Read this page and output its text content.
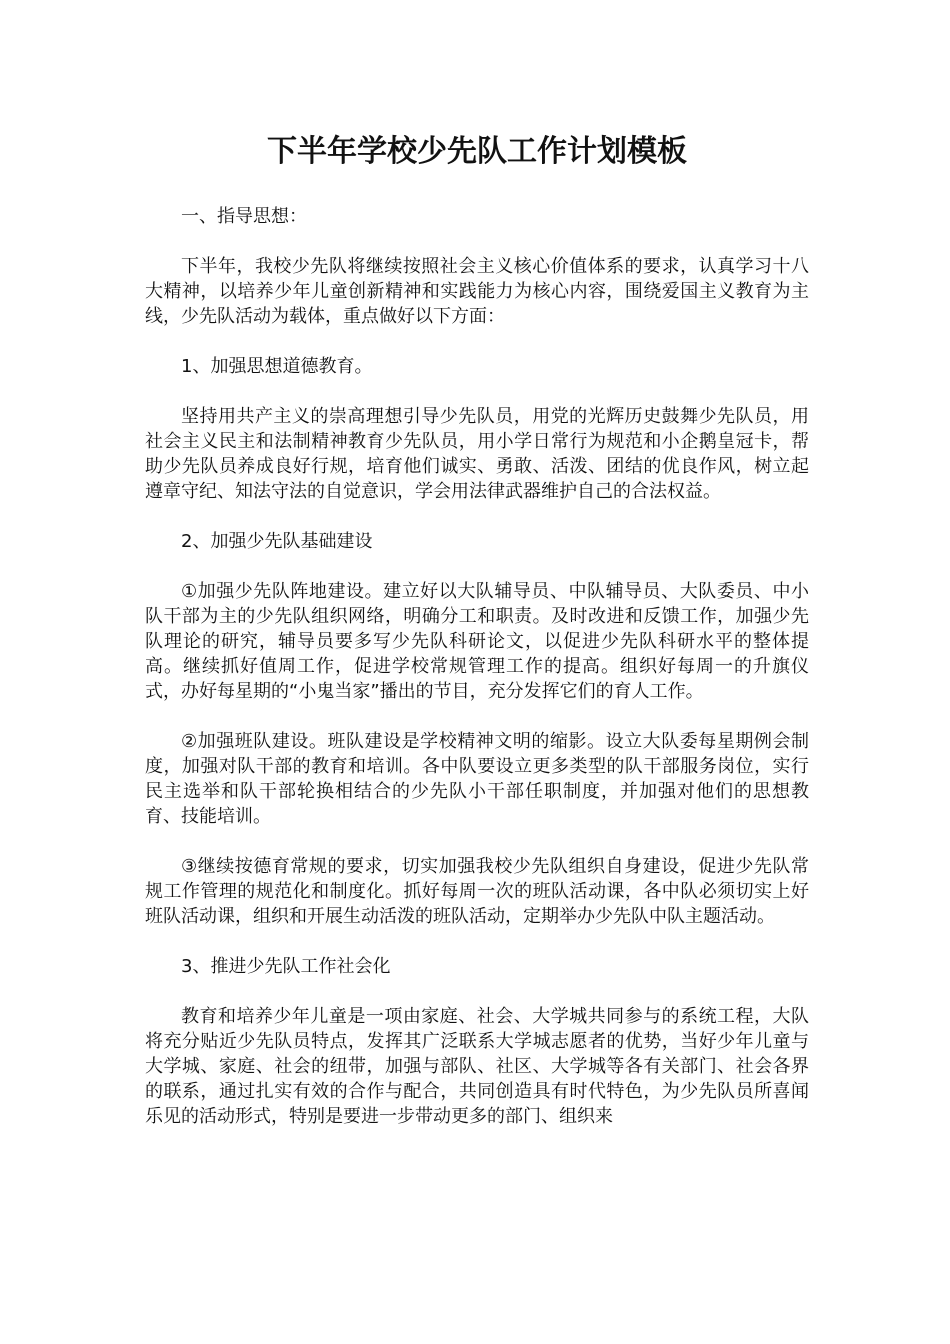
下半年学校少先队工作计划模板
一、指导思想：
下半年，我校少先队将继续按照社会主义核心价值体系的要求，认真学习十八大精神，以培养少年儿童创新精神和实践能力为核心内容，围绕爱国主义教育为主线，少先队活动为载体，重点做好以下方面：
1、加强思想道德教育。
坚持用共产主义的崇高理想引导少先队员，用党的光辉历史鼓舞少先队员，用社会主义民主和法制精神教育少先队员，用小学日常行为规范和小企鹅皇冠卡，帮助少先队员养成良好行规，培育他们诚实、勇敢、活泼、团结的优良作风，树立起遵章守纪、知法守法的自觉意识，学会用法律武器维护自己的合法权益。
2、加强少先队基础建设
①加强少先队阵地建设。建立好以大队辅导员、中队辅导员、大队委员、中小队干部为主的少先队组织网络，明确分工和职责。及时改进和反馈工作，加强少先队理论的研究，辅导员要多写少先队科研论文，以促进少先队科研水平的整体提高。继续抓好值周工作，促进学校常规管理工作的提高。组织好每周一的升旗仪式，办好每星期的“小鬼当家”播出的节目，充分发挥它们的育人工作。
②加强班队建设。班队建设是学校精神文明的缩影。设立大队委每星期例会制度，加强对队干部的教育和培训。各中队要设立更多类型的队干部服务岗位，实行民主选举和队干部轮换相结合的少先队小干部任职制度，并加强对他们的思想教育、技能培训。
③继续按德育常规的要求，切实加强我校少先队组织自身建设，促进少先队常规工作管理的规范化和制度化。抓好每周一次的班队活动课，各中队必须切实上好班队活动课，组织和开展生动活泼的班队活动，定期举办少先队中队主题活动。
3、推进少先队工作社会化
教育和培养少年儿童是一项由家庭、社会、大学城共同参与的系统工程，大队将充分贴近少先队员特点，发挥其广泛联系大学城志愿者的优势，当好少年儿童与大学城、家庭、社会的纽带，加强与部队、社区、大学城等各有关部门、社会各界的联系，通过扎实有效的合作与配合，共同创造具有时代特色，为少先队员所喜闻乐见的活动形式，特别是要进一步带动更多的部门、组织来
